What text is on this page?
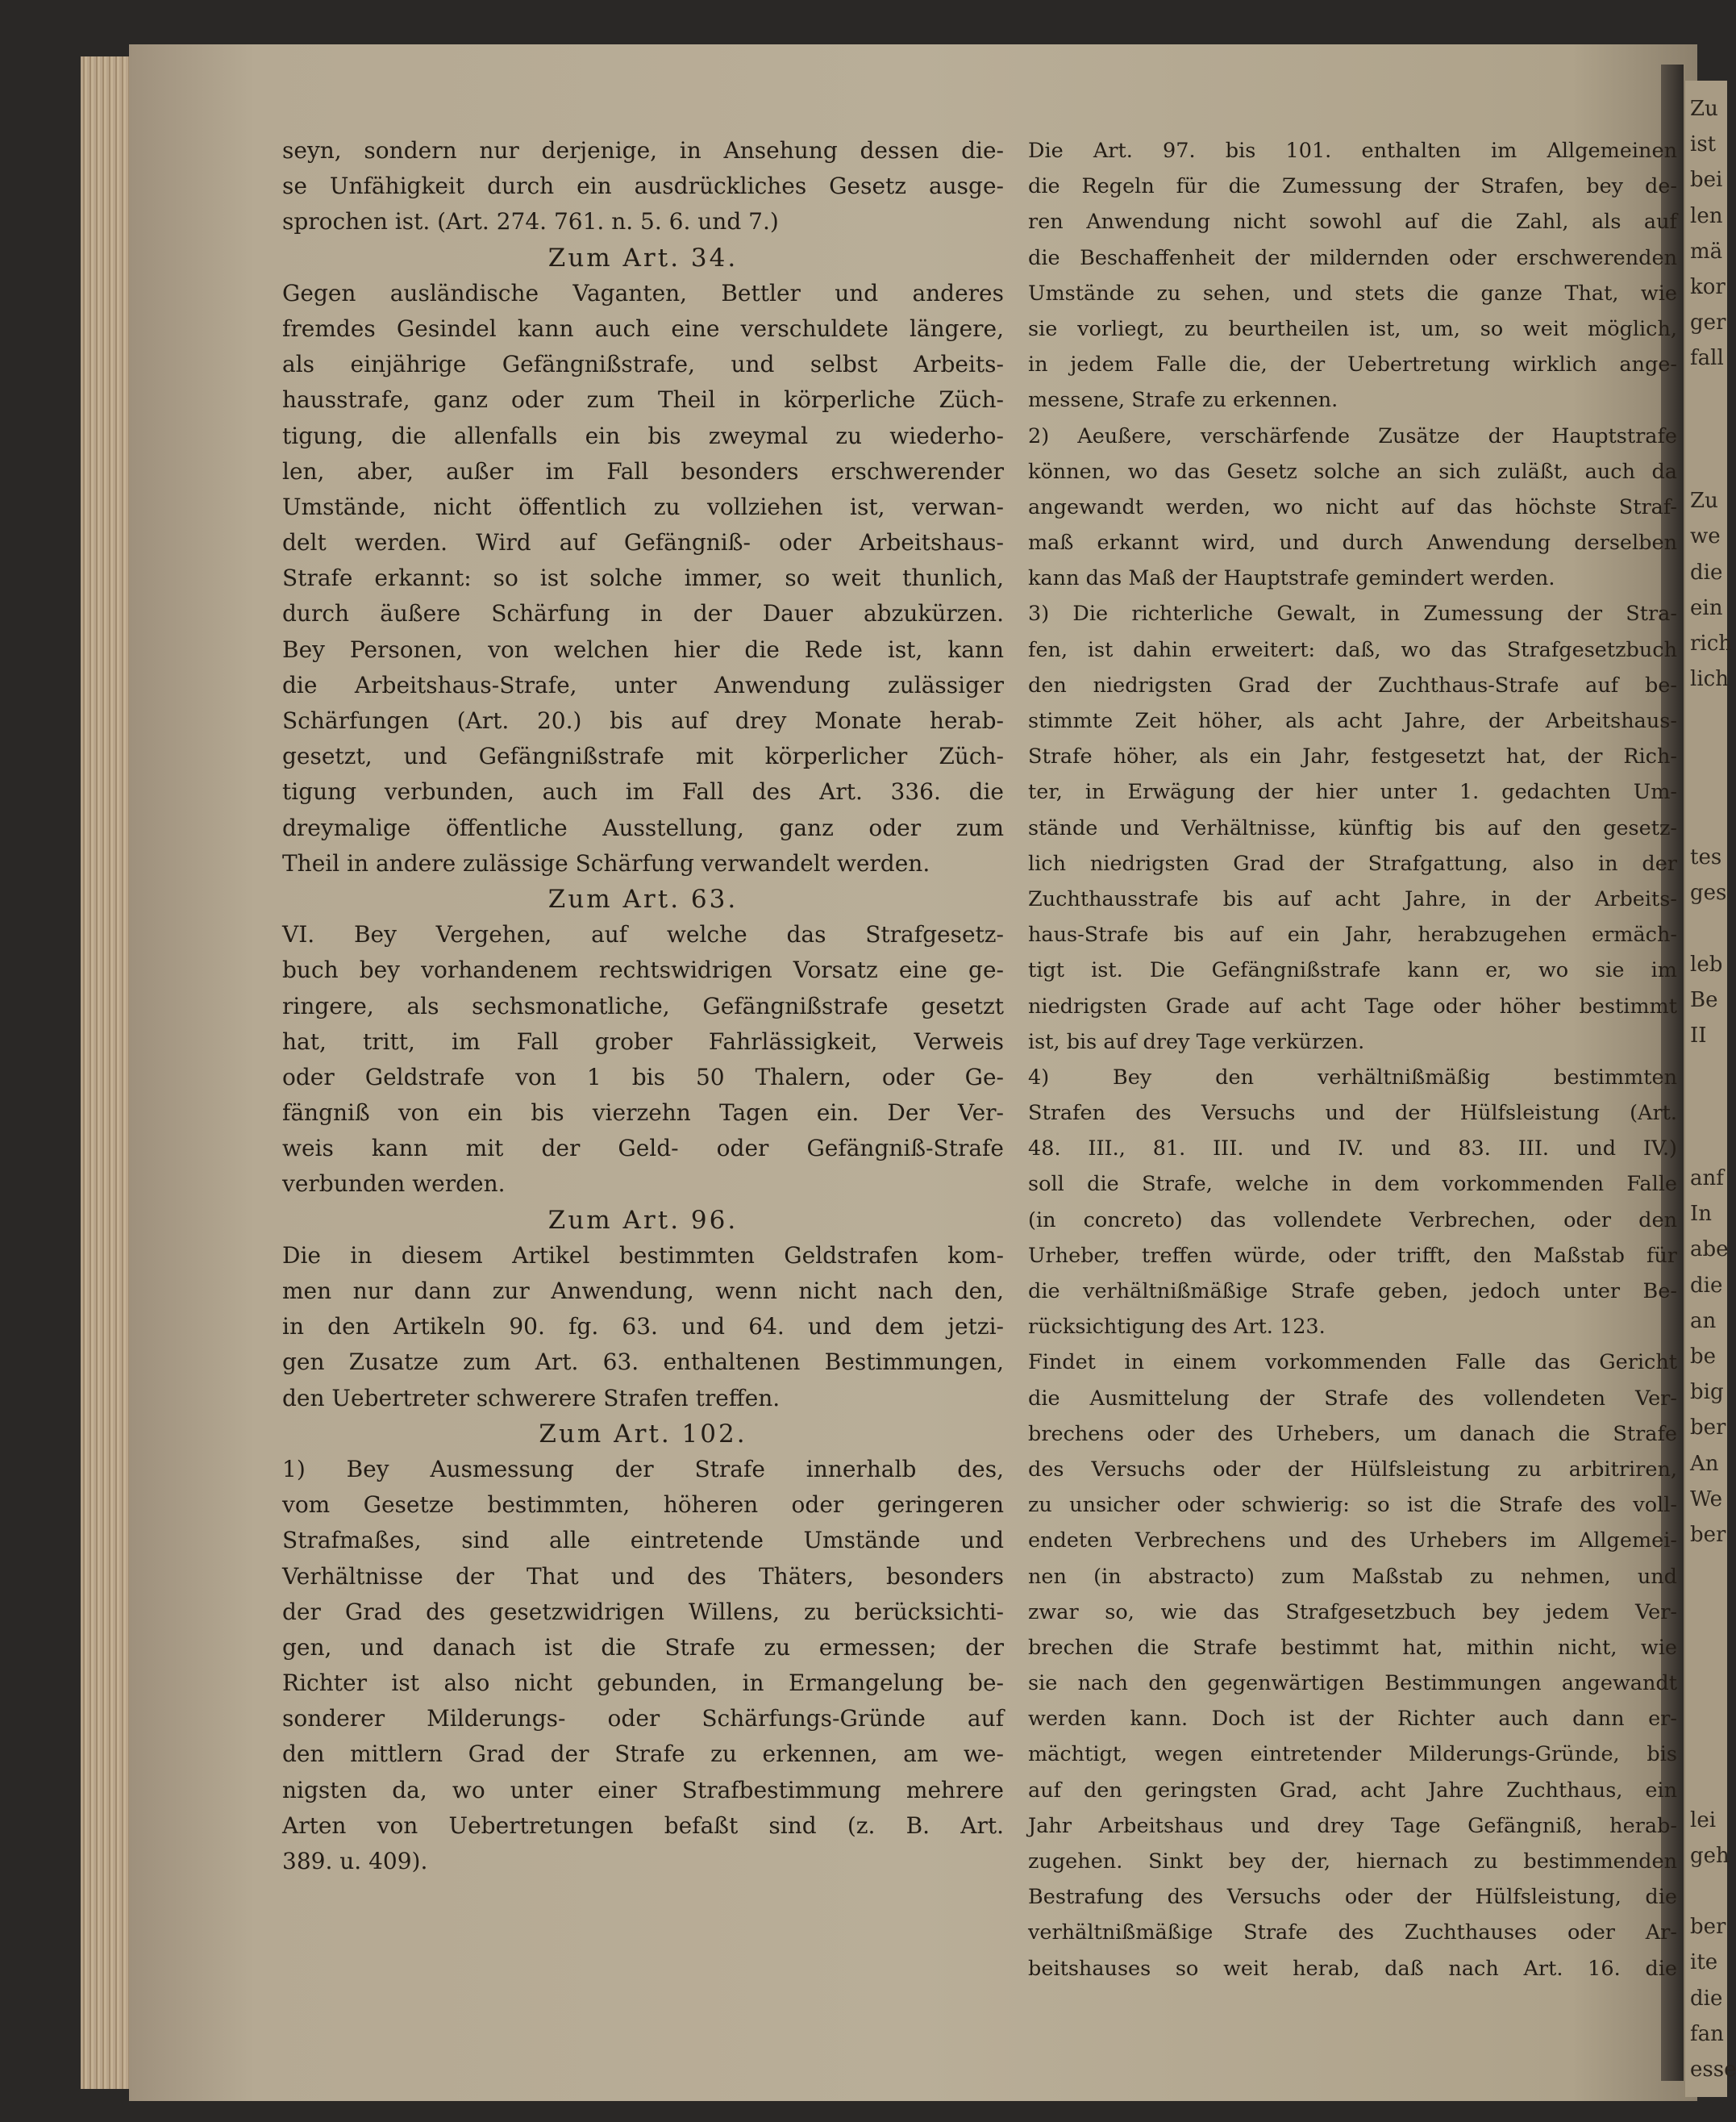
Zu
ist
bei
len
mä
kor
ger
fall
Zu
we
die
ein
rich
lich
tes
ges
leb
Be
II
anf
In
abe
die
an
be
big
ber
An
We
ber
lei
geh
ber
ite
die
fan
esse
seyn, sondern nur derjenige, in Ansehung dessen die-
se Unfähigkeit durch ein ausdrückliches Gesetz ausge-
sprochen ist. (Art. 274. 761. n. 5. 6. und 7.)
Zum Art. 34.
Gegen ausländische Vaganten, Bettler und anderes
fremdes Gesindel kann auch eine verschuldete längere,
als einjährige Gefängnißstrafe, und selbst Arbeits-
hausstrafe, ganz oder zum Theil in körperliche Züch-
tigung, die allenfalls ein bis zweymal zu wiederho-
len, aber, außer im Fall besonders erschwerender
Umstände, nicht öffentlich zu vollziehen ist, verwan-
delt werden. Wird auf Gefängniß- oder Arbeitshaus-
Strafe erkannt: so ist solche immer, so weit thunlich,
durch äußere Schärfung in der Dauer abzukürzen.
Bey Personen, von welchen hier die Rede ist, kann
die Arbeitshaus-Strafe, unter Anwendung zulässiger
Schärfungen (Art. 20.) bis auf drey Monate herab-
gesetzt, und Gefängnißstrafe mit körperlicher Züch-
tigung verbunden, auch im Fall des Art. 336. die
dreymalige öffentliche Ausstellung, ganz oder zum
Theil in andere zulässige Schärfung verwandelt werden.
Zum Art. 63.
VI. Bey Vergehen, auf welche das Strafgesetz-
buch bey vorhandenem rechtswidrigen Vorsatz eine ge-
ringere, als sechsmonatliche, Gefängnißstrafe gesetzt
hat, tritt, im Fall grober Fahrlässigkeit, Verweis
oder Geldstrafe von 1 bis 50 Thalern, oder Ge-
fängniß von ein bis vierzehn Tagen ein. Der Ver-
weis kann mit der Geld- oder Gefängniß-Strafe
verbunden werden.
Zum Art. 96.
Die in diesem Artikel bestimmten Geldstrafen kom-
men nur dann zur Anwendung, wenn nicht nach den,
in den Artikeln 90. fg. 63. und 64. und dem jetzi-
gen Zusatze zum Art. 63. enthaltenen Bestimmungen,
den Uebertreter schwerere Strafen treffen.
Zum Art. 102.
1) Bey Ausmessung der Strafe innerhalb des,
vom Gesetze bestimmten, höheren oder geringeren
Strafmaßes, sind alle eintretende Umstände und
Verhältnisse der That und des Thäters, besonders
der Grad des gesetzwidrigen Willens, zu berücksichti-
gen, und danach ist die Strafe zu ermessen; der
Richter ist also nicht gebunden, in Ermangelung be-
sonderer Milderungs- oder Schärfungs-Gründe auf
den mittlern Grad der Strafe zu erkennen, am we-
nigsten da, wo unter einer Strafbestimmung mehrere
Arten von Uebertretungen befaßt sind (z. B. Art.
389. u. 409).
Die Art. 97. bis 101. enthalten im Allgemeinen
die Regeln für die Zumessung der Strafen, bey de-
ren Anwendung nicht sowohl auf die Zahl, als auf
die Beschaffenheit der mildernden oder erschwerenden
Umstände zu sehen, und stets die ganze That, wie
sie vorliegt, zu beurtheilen ist, um, so weit möglich,
in jedem Falle die, der Uebertretung wirklich ange-
messene, Strafe zu erkennen.
2) Aeußere, verschärfende Zusätze der Hauptstrafe
können, wo das Gesetz solche an sich zuläßt, auch da
angewandt werden, wo nicht auf das höchste Straf-
maß erkannt wird, und durch Anwendung derselben
kann das Maß der Hauptstrafe gemindert werden.
3) Die richterliche Gewalt, in Zumessung der Stra-
fen, ist dahin erweitert: daß, wo das Strafgesetzbuch
den niedrigsten Grad der Zuchthaus-Strafe auf be-
stimmte Zeit höher, als acht Jahre, der Arbeitshaus-
Strafe höher, als ein Jahr, festgesetzt hat, der Rich-
ter, in Erwägung der hier unter 1. gedachten Um-
stände und Verhältnisse, künftig bis auf den gesetz-
lich niedrigsten Grad der Strafgattung, also in der
Zuchthausstrafe bis auf acht Jahre, in der Arbeits-
haus-Strafe bis auf ein Jahr, herabzugehen ermäch-
tigt ist. Die Gefängnißstrafe kann er, wo sie im
niedrigsten Grade auf acht Tage oder höher bestimmt
ist, bis auf drey Tage verkürzen.
4) Bey den verhältnißmäßig bestimmten
Strafen des Versuchs und der Hülfsleistung (Art.
48. III., 81. III. und IV. und 83. III. und IV.)
soll die Strafe, welche in dem vorkommenden Falle
(in concreto) das vollendete Verbrechen, oder den
Urheber, treffen würde, oder trifft, den Maßstab für
die verhältnißmäßige Strafe geben, jedoch unter Be-
rücksichtigung des Art. 123.
Findet in einem vorkommenden Falle das Gericht
die Ausmittelung der Strafe des vollendeten Ver-
brechens oder des Urhebers, um danach die Strafe
des Versuchs oder der Hülfsleistung zu arbitriren,
zu unsicher oder schwierig: so ist die Strafe des voll-
endeten Verbrechens und des Urhebers im Allgemei-
nen (in abstracto) zum Maßstab zu nehmen, und
zwar so, wie das Strafgesetzbuch bey jedem Ver-
brechen die Strafe bestimmt hat, mithin nicht, wie
sie nach den gegenwärtigen Bestimmungen angewandt
werden kann. Doch ist der Richter auch dann er-
mächtigt, wegen eintretender Milderungs-Gründe, bis
auf den geringsten Grad, acht Jahre Zuchthaus, ein
Jahr Arbeitshaus und drey Tage Gefängniß, herab-
zugehen. Sinkt bey der, hiernach zu bestimmenden
Bestrafung des Versuchs oder der Hülfsleistung, die
verhältnißmäßige Strafe des Zuchthauses oder Ar-
beitshauses so weit herab, daß nach Art. 16. die
